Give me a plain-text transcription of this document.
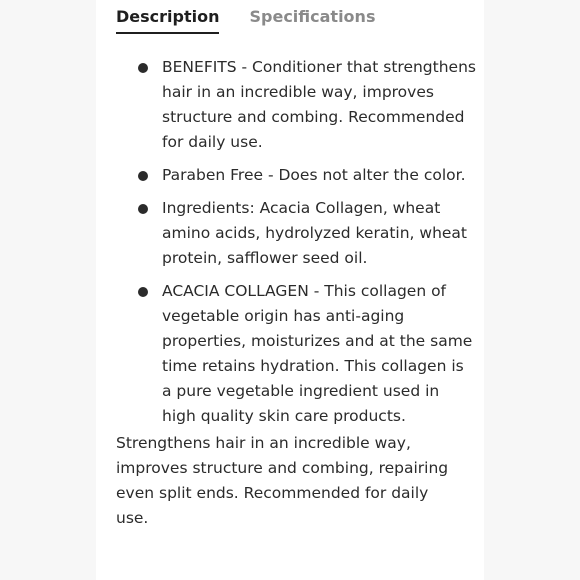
Description Specifications
BENEFITS - Conditioner that strengthens hair in an incredible way, improves structure and combing. Recommended for daily use.
Paraben Free - Does not alter the color.
Ingredients: Acacia Collagen, wheat amino acids, hydrolyzed keratin, wheat protein, safflower seed oil.
ACACIA COLLAGEN - This collagen of vegetable origin has anti-aging properties, moisturizes and at the same time retains hydration. This collagen is a pure vegetable ingredient used in high quality skin care products.

Strengthens hair in an incredible way, improves structure and combing, repairing even split ends. Recommended for daily use.
